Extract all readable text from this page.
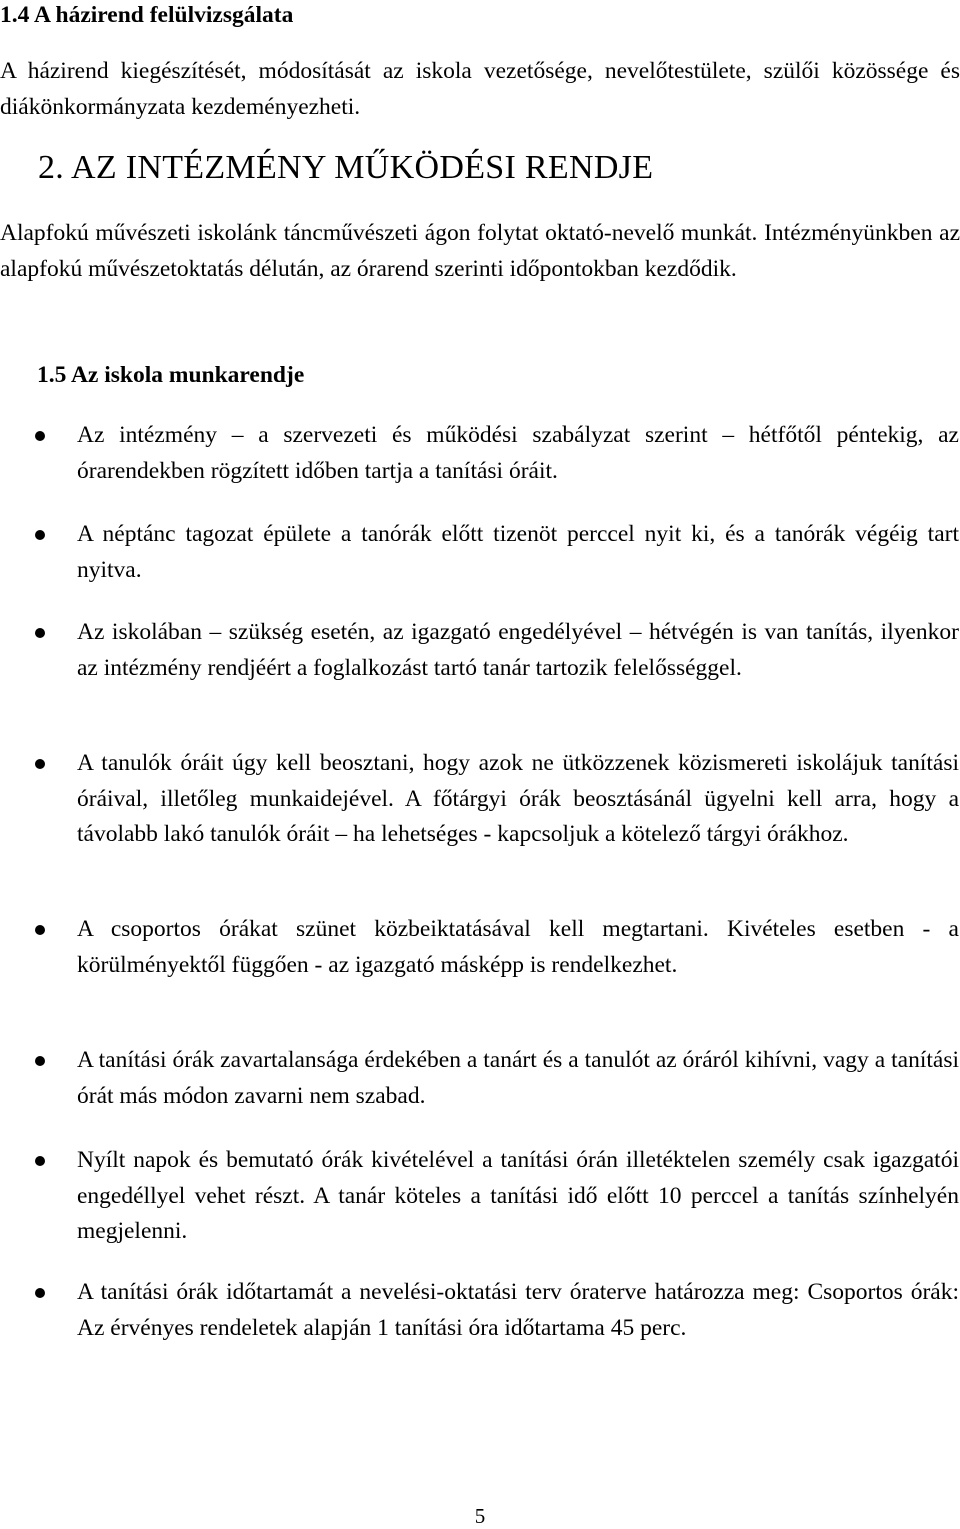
1.4 A házirend felülvizsgálata
A házirend kiegészítését, módosítását az iskola vezetősége, nevelőtestülete, szülői közössége és diákönkormányzata kezdeményezheti.
2. AZ INTÉZMÉNY MŰKÖDÉSI RENDJE
Alapfokú művészeti iskolánk táncművészeti ágon folytat oktató-nevelő munkát. Intézményünkben az alapfokú művészetoktatás délután, az órarend szerinti időpontokban kezdődik.
1.5 Az iskola munkarendje
Az intézmény – a szervezeti és működési szabályzat szerint – hétfőtől péntekig, az órarendekben rögzített időben tartja a tanítási óráit.
A néptánc tagozat épülete a tanórák előtt tizenöt perccel nyit ki, és a tanórák végéig tart nyitva.
Az iskolában – szükség esetén, az igazgató engedélyével – hétvégén is van tanítás, ilyenkor az intézmény rendjéért a foglalkozást tartó tanár tartozik felelősséggel.
A tanulók óráit úgy kell beosztani, hogy azok ne ütközzenek közismereti iskolájuk tanítási óráival, illetőleg munkaidejével. A főtárgyi órák beosztásánál ügyelni kell arra, hogy a távolabb lakó tanulók óráit – ha lehetséges - kapcsoljuk a kötelező tárgyi órákhoz.
A csoportos órákat szünet közbeiktatásával kell megtartani. Kivételes esetben - a körülményektől függően - az igazgató másképp is rendelkezhet.
A tanítási órák zavartalansága érdekében a tanárt és a tanulót az óráról kihívni, vagy a tanítási órát más módon zavarni nem szabad.
Nyílt napok és bemutató órák kivételével a tanítási órán illetéktelen személy csak igazgatói engedéllyel vehet részt. A tanár köteles a tanítási idő előtt 10 perccel a tanítás színhelyén megjelenni.
A tanítási órák időtartamát a nevelési-oktatási terv óraterve határozza meg: Csoportos órák: Az érvényes rendeletek alapján 1 tanítási óra időtartama 45 perc.
5
